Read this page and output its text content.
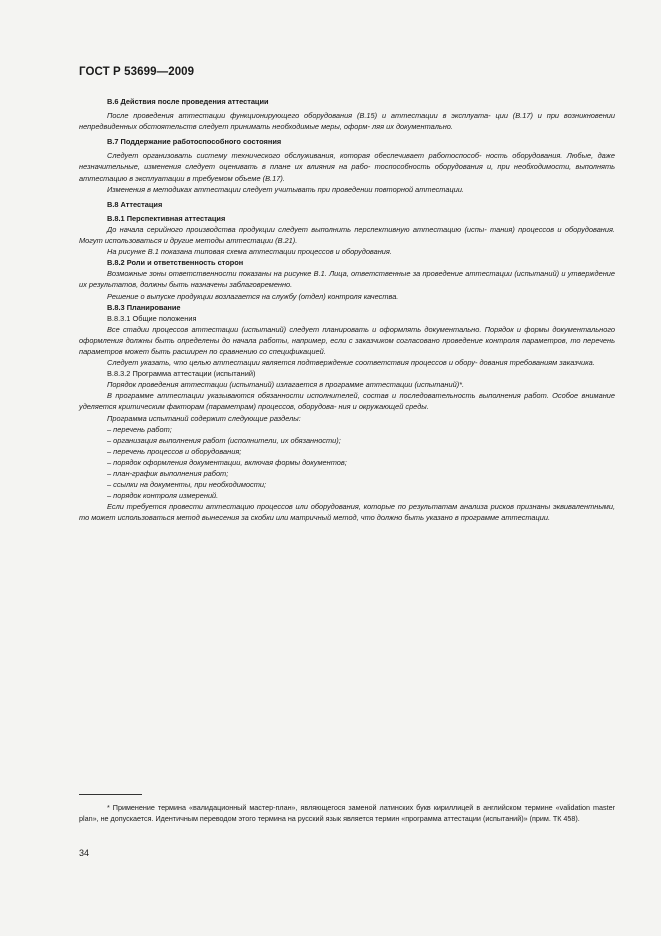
ГОСТ Р 53699—2009
В.6 Действия после проведения аттестации

После проведения аттестации функционирующего оборудования (В.15) и аттестации в эксплуата- ции (В.17) и при возникновении непредвиденных обстоятельств следует принимать необходимые меры, оформ- ляя их документально.

В.7 Поддержание работоспособного состояния

Следует организовать систему технического обслуживания, которая обеспечивает работоспособ- ность оборудования. Любые, даже незначительные, изменения следует оценивать в плане их влияния на рабо- тоспособность оборудования и, при необходимости, выполнять аттестацию в эксплуатации в требуемом объеме (В.17).

Изменения в методиках аттестации следует учитывать при проведении повторной аттестации.

В.8 Аттестация
В.8.1 Перспективная аттестация

До начала серийного производства продукции следует выполнить перспективную аттестацию (испы- тания) процессов и оборудования. Могут использоваться и другие методы аттестации (В.21).

На рисунке В.1 показана типовая схема аттестации процессов и оборудования.

В.8.2 Роли и ответственность сторон

Возможные зоны ответственности показаны на рисунке В.1. Лица, ответственные за проведение аттестации (испытаний) и утверждение их результатов, должны быть назначены заблаговременно.

Решение о выпуске продукции возлагается на службу (отдел) контроля качества.

В.8.3 Планирование
В.8.3.1 Общие положения

Все стадии процессов аттестации (испытаний) следует планировать и оформлять документально. Порядок и формы документального оформления должны быть определены до начала работы, например, если с заказчиком согласовано проведение контроля параметров, то перечень параметров может быть расширен по сравнению со спецификацией.

Следует указать, что целью аттестации является подтверждение соответствия процессов и обору- дования требованиям заказчика.

В.8.3.2 Программа аттестации (испытаний)

Порядок проведения аттестации (испытаний) излагается в программе аттестации (испытаний)*.

В программе аттестации указываются обязанности исполнителей, состав и последовательность выполнения работ. Особое внимание уделяется критическим факторам (параметрам) процессов, оборудова- ния и окружающей среды.

Программа испытаний содержит следующие разделы:

– перечень работ;
– организация выполнения работ (исполнители, их обязанности);
– перечень процессов и оборудования;
– порядок оформления документации, включая формы документов;
– план-график выполнения работ;
– ссылки на документы, при необходимости;
– порядок контроля измерений.

Если требуется провести аттестацию процессов или оборудования, которые по результатам анализа рисков признаны эквивалентными, то может использоваться метод вынесения за скобки или матричный метод, что должно быть указано в программе аттестации.

* Применение термина «валидационный мастер-план», являющегося заменой латинских букв кириллицей в английском термине «validation master plan», не допускается. Идентичным переводом этого термина на русский язык является термин «программа аттестации (испытаний)» (прим. ТК 458).
34
